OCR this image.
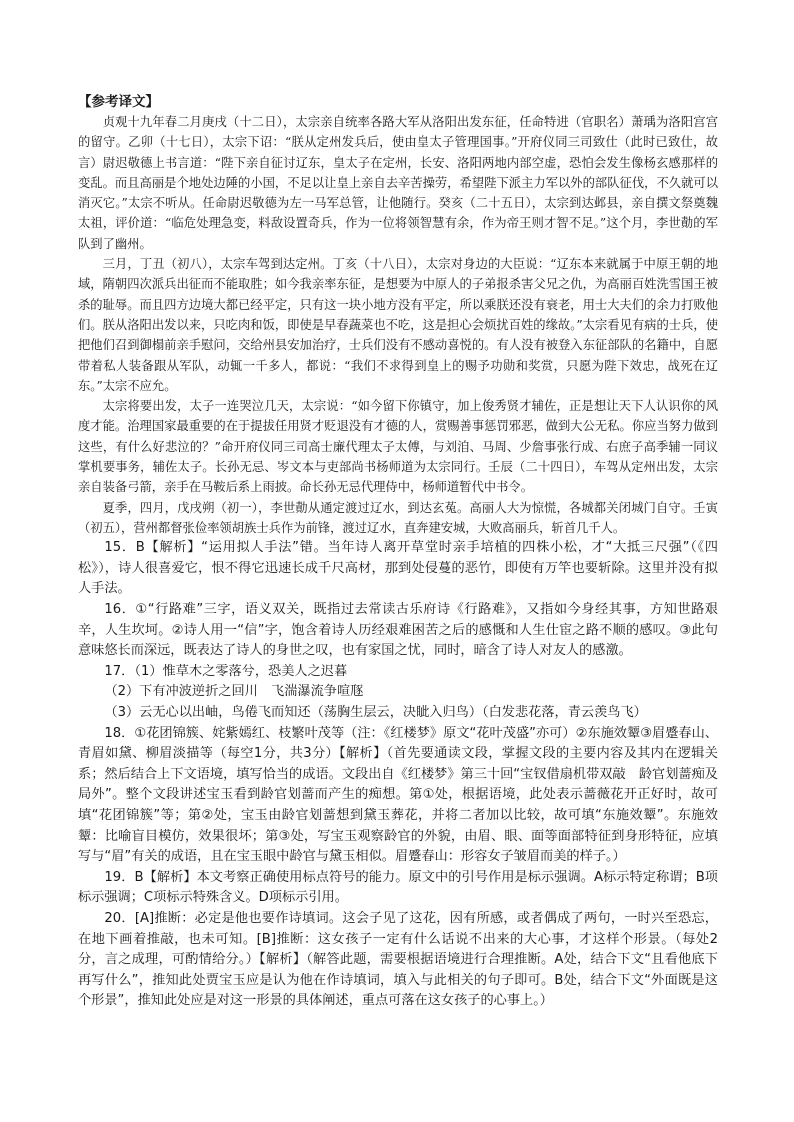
【参考译文】

贞观十九年春二月庚戌（十二日），太宗亲自统率各路大军从洛阳出发东征，任命特进（官职名）萧瑀为洛阳宫宫的留守。乙卯（十七日），太宗下诏：“朕从定州发兵后，使由皇太子管理国事。”开府仪同三司致仕（此时已致仕，故言）尉迟敬德上书言道：“陛下亲自征讨辽东，皇太子在定州，长安、洛阳两地内部空虚，恐怕会发生像杨玄感那样的变乱。而且高丽是个地处边陲的小国，不足以让皇上亲自去辛苦操劳，希望陛下派主力军以外的部队征伐，不久就可以消灭它。”太宗不听从。任命尉迟敬德为左一马军总管，让他随行。癸亥（二十五日），太宗到达邺县，亲自撰文祭奠魏太祖，评价道：“临危处理急变，料敌设置奇兵，作为一位将领智慧有余，作为帝王则才智不足。”这个月，李世勣的军队到了幽州。

三月，丁丑（初八），太宗车驾到达定州。丁亥（十八日），太宗对身边的大臣说：“辽东本来就属于中原王朝的地域，隋朝四次派兵出征而不能取胜；如今我亲率东征，是想要为中原人的子弟报杀害父兄之仇，为高丽百姓洗雪国王被杀的耻辱。而且四方边境大都已经平定，只有这一块小地方没有平定，所以乘朕还没有衰老，用士大夫们的余力打败他们。朕从洛阳出发以来，只吃肉和饭，即使是早春蔬菜也不吃，这是担心会烦扰百姓的缘故。”太宗看见有病的士兵，使把他们召到御榻前亲手慰问，交给州县安加治疗，士兵们没有不感动喜悦的。有人没有被登入东征部队的名籍中，自愿带着私人装备跟从军队，动辄一千多人，都说：“我们不求得到皇上的赐予功勋和奖赏，只愿为陛下效忠，战死在辽东。”太宗不应允。

太宗将要出发，太子一连哭泣几天，太宗说：“如今留下你镇守，加上俊秀贤才辅佐，正是想让天下人认识你的风度才能。治理国家最重要的在于提拔任用贤才贬退没有才德的人，赏赐善事惩罚邪恶，做到大公无私。你应当努力做到这些，有什么好悲泣的？”命开府仪同三司高士廉代理太子太傅，与刘洎、马周、少詹事张行成、右庶子高季辅一同议掌机要事务，辅佐太子。长孙无忌、岑文本与吏部尚书杨师道为太宗同行。壬辰（二十四日），车驾从定州出发，太宗亲自装备弓箭，亲手在马鞍后系上雨披。命长孙无忌代理侍中，杨师道暂代中书令。

夏季，四月，戊戌朔（初一），李世勣从通定渡过辽水，到达玄菟。高丽人大为惊慌，各城都关闭城门自守。壬寅（初五），营州都督张俭率领胡族士兵作为前锋，渡过辽水，直奔建安城，大败高丽兵，斩首几千人。

15．B【解析】“运用拟人手法”错。当年诗人离开草堂时亲手培植的四株小松，才“大抵三尺强”（《四松》），诗人很喜爱它，恨不得它迅速长成千尺高材，那到处侵蔓的恶竹，即使有万竿也要斩除。这里并没有拟人手法。

16．①“行路难”三字，语义双关，既指过去常读古乐府诗《行路难》，又指如今身经其事，方知世路艰辛，人生坎坷。②诗人用一“信”字，饱含着诗人历经艰难困苦之后的感慨和人生仕宦之路不顺的感叹。③此句意味悠长而深远，既表达了诗人的身世之叹，也有家国之忧，同时，暗含了诗人对友人的感激。

17．（1）惟草木之零落兮，恐美人之迟暮

（2）下有冲波逆折之回川　飞湍瀑流争喧豗

（3）云无心以出岫，鸟倦飞而知还（荡胸生层云，决眦入归鸟）（白发悲花落，青云羡鸟飞）

18．①花团锦簇、姹紫嫣红、枝繁叶茂等（注：《红楼梦》原文“花叶茂盛”亦可）②东施效颦③眉蹙春山、青眉如黛、柳眉淡描等（每空1分，共3分）【解析】（首先要通读文段，掌握文段的主要内容及其内在逻辑关系；然后结合上下文语境，填写恰当的成语。文段出自《红楼梦》第三十回“宝钗借扇机带双敲　龄官划蔷痴及局外”。整个文段讲述宝玉看到龄官划蔷而产生的痴想。第①处，根据语境，此处表示蔷薇花开正好时，故可填“花团锦簇”等；第②处，宝玉由龄官划蔷想到黛玉葬花，并将二者加以比较，故可填“东施效颦”。东施效颦：比喻盲目模仿，效果很坏；第③处，写宝玉观察龄官的外貌，由眉、眼、面等面部特征到身形特征，应填写与“眉”有关的成语，且在宝玉眼中龄官与黛玉相似。眉蹙春山：形容女子皱眉而美的样子。）

19．B【解析】本文考察正确使用标点符号的能力。原文中的引号作用是标示强调。A标示特定称谓；B项标示强调；C项标示特殊含义。D项标示引用。

20．[A]推断：必定是他也要作诗填词。这会子见了这花，因有所感，或者偶成了两句，一时兴至恐忘，在地下画着推敲，也未可知。[B]推断：这女孩子一定有什么话说不出来的大心事，才这样个形景。（每处2分，言之成理，可酌情给分。）【解析】（解答此题，需要根据语境进行合理推断。A处，结合下文“且看他底下再写什么”，推知此处贾宝玉应是认为他在作诗填词，填入与此相关的句子即可。B处，结合下文“外面既是这个形景”，推知此处应是对这一形景的具体阐述，重点可落在这女孩子的心事上。）
